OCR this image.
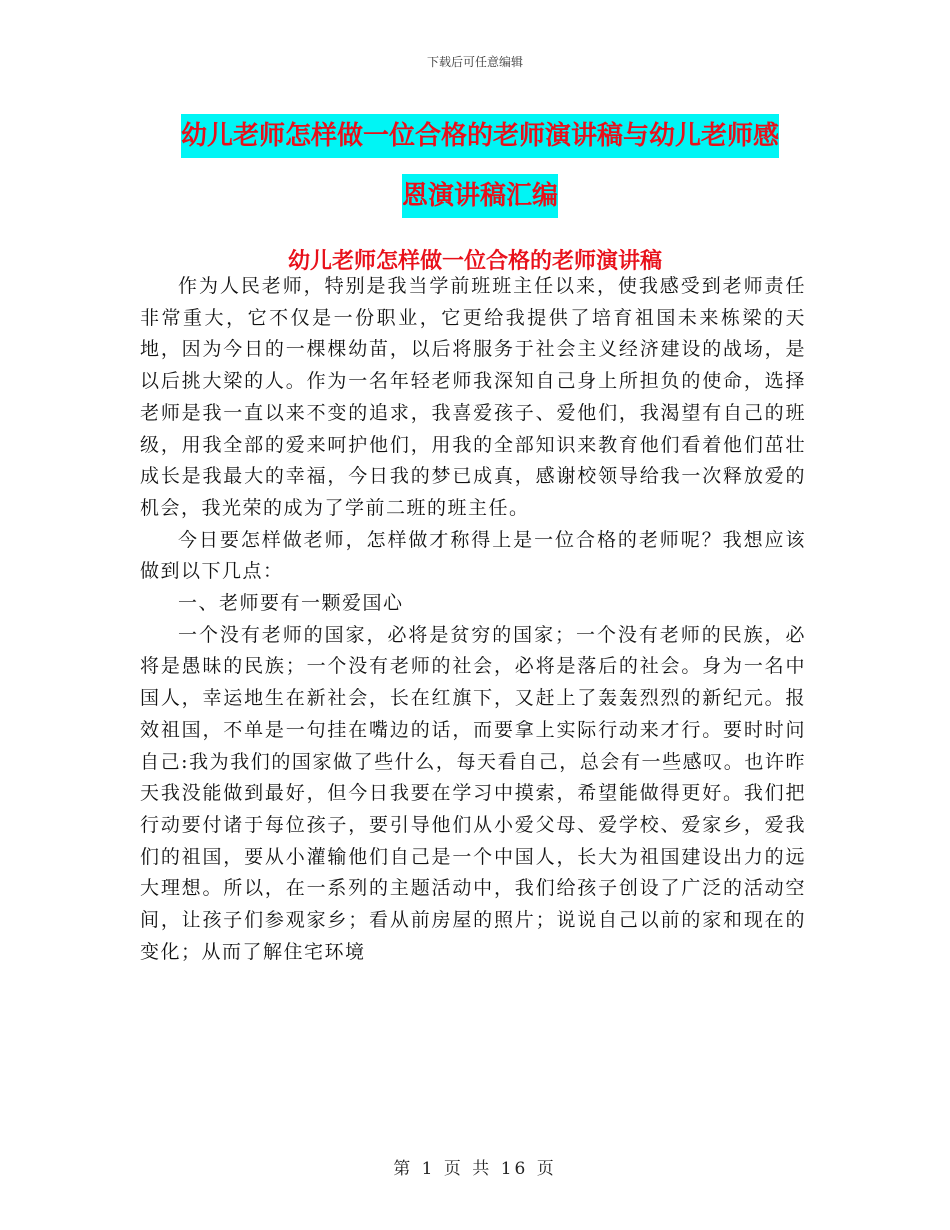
下载后可任意编辑
幼儿老师怎样做一位合格的老师演讲稿与幼儿老师感
恩演讲稿汇编
幼儿老师怎样做一位合格的老师演讲稿

作为人民老师，特别是我当学前班班主任以来，使我感受到老师责任非常重大，它不仅是一份职业，它更给我提供了培育祖国未来栋梁的天地，因为今日的一棵棵幼苗，以后将服务于社会主义经济建设的战场，是以后挑大梁的人。作为一名年轻老师我深知自己身上所担负的使命，选择老师是我一直以来不变的追求，我喜爱孩子、爱他们，我渴望有自己的班级，用我全部的爱来呵护他们，用我的全部知识来教育他们看着他们茁壮成长是我最大的幸福，今日我的梦已成真，感谢校领导给我一次释放爱的机会，我光荣的成为了学前二班的班主任。

今日要怎样做老师，怎样做才称得上是一位合格的老师呢？我想应该做到以下几点：

一、老师要有一颗爱国心

一个没有老师的国家，必将是贫穷的国家；一个没有老师的民族，必将是愚昧的民族；一个没有老师的社会，必将是落后的社会。身为一名中国人，幸运地生在新社会，长在红旗下，又赶上了轰轰烈烈的新纪元。报效祖国，不单是一句挂在嘴边的话，而要拿上实际行动来才行。要时时问自己:我为我们的国家做了些什么，每天看自己，总会有一些感叹。也许昨天我没能做到最好，但今日我要在学习中摸索，希望能做得更好。我们把行动要付诸于每位孩子，要引导他们从小爱父母、爱学校、爱家乡，爱我们的祖国，要从小灌输他们自己是一个中国人，长大为祖国建设出力的远大理想。所以，在一系列的主题活动中，我们给孩子创设了广泛的活动空间，让孩子们参观家乡；看从前房屋的照片；说说自己以前的家和现在的变化；从而了解住宅环境

第 1 页 共 16 页
